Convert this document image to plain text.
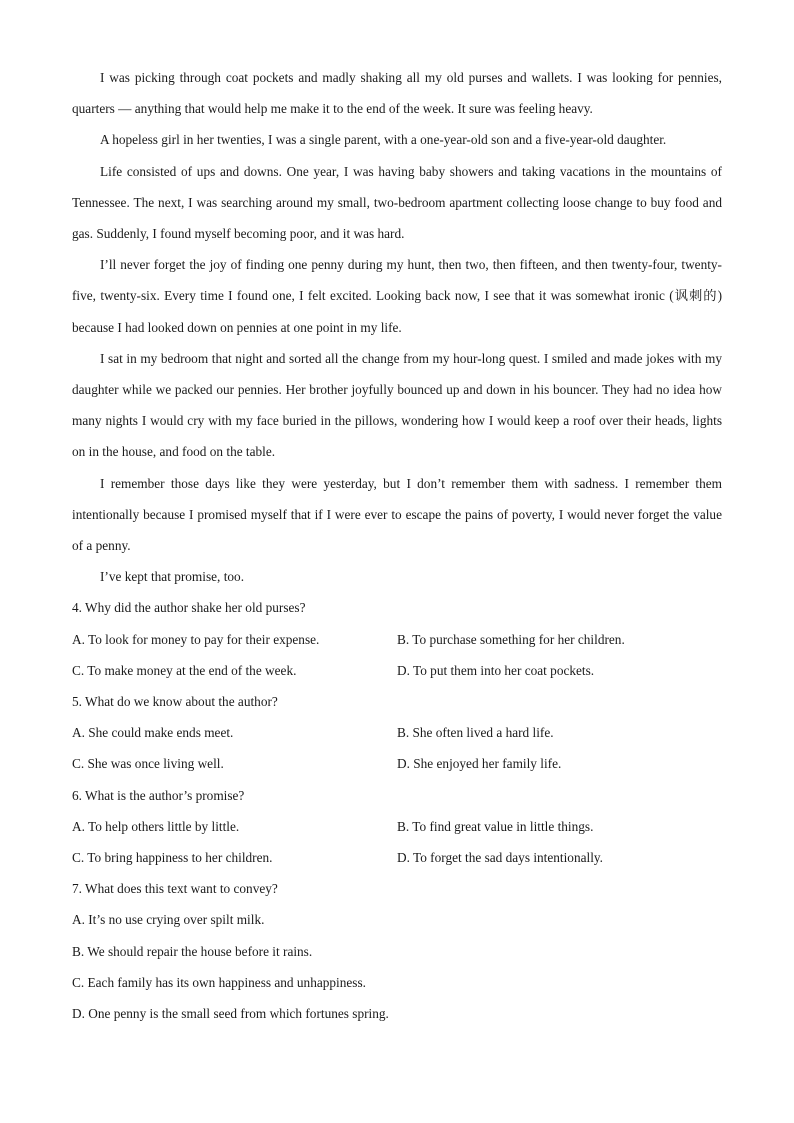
I was picking through coat pockets and madly shaking all my old purses and wallets. I was looking for pennies, quarters — anything that would help me make it to the end of the week. It sure was feeling heavy.

A hopeless girl in her twenties, I was a single parent, with a one-year-old son and a five-year-old daughter.

Life consisted of ups and downs. One year, I was having baby showers and taking vacations in the mountains of Tennessee. The next, I was searching around my small, two-bedroom apartment collecting loose change to buy food and gas. Suddenly, I found myself becoming poor, and it was hard.

I’ll never forget the joy of finding one penny during my hunt, then two, then fifteen, and then twenty-four, twenty-five, twenty-six. Every time I found one, I felt excited. Looking back now, I see that it was somewhat ironic (讽刺的) because I had looked down on pennies at one point in my life.

I sat in my bedroom that night and sorted all the change from my hour-long quest. I smiled and made jokes with my daughter while we packed our pennies. Her brother joyfully bounced up and down in his bouncer. They had no idea how many nights I would cry with my face buried in the pillows, wondering how I would keep a roof over their heads, lights on in the house, and food on the table.

I remember those days like they were yesterday, but I don’t remember them with sadness. I remember them intentionally because I promised myself that if I were ever to escape the pains of poverty, I would never forget the value of a penny.

I’ve kept that promise, too.

4. Why did the author shake her old purses?
A. To look for money to pay for their expense.	B. To purchase something for her children.
C. To make money at the end of the week.	D. To put them into her coat pockets.
5. What do we know about the author?
A. She could make ends meet.	B. She often lived a hard life.
C. She was once living well.	D. She enjoyed her family life.
6. What is the author’s promise?
A. To help others little by little.	B. To find great value in little things.
C. To bring happiness to her children.	D. To forget the sad days intentionally.
7. What does this text want to convey?
A. It’s no use crying over spilt milk.
B. We should repair the house before it rains.
C. Each family has its own happiness and unhappiness.
D. One penny is the small seed from which fortunes spring.
